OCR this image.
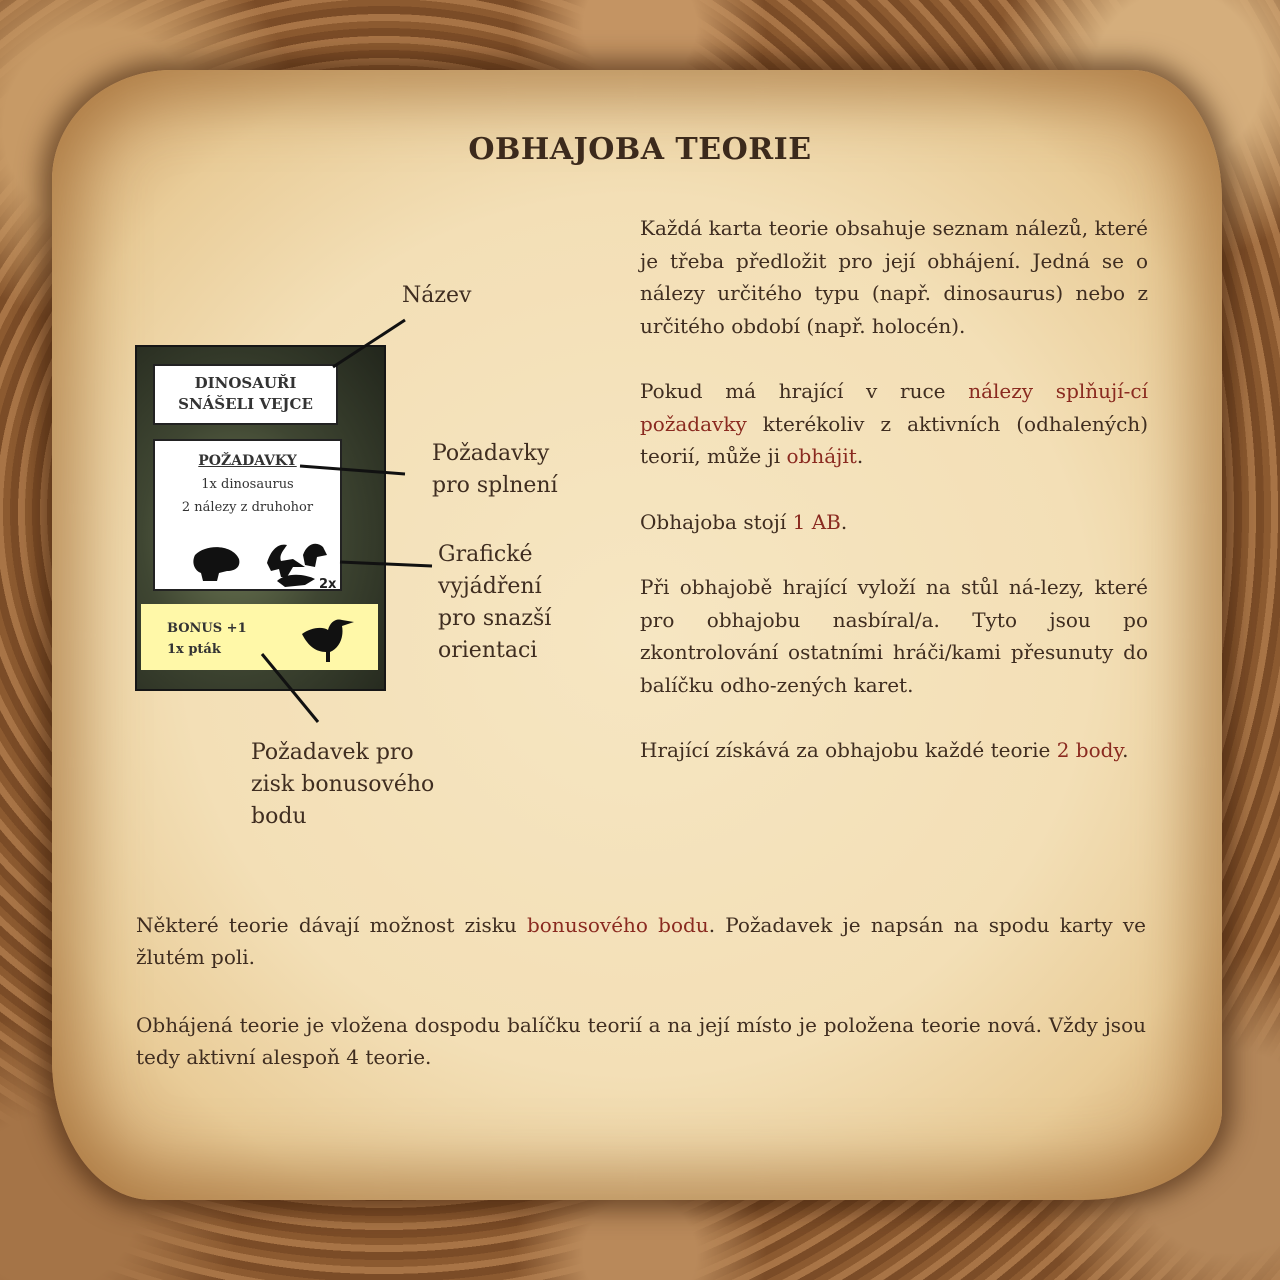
OBHAJOBA TEORIE
DINOSAUŘI
SNÁŠELI VEJCE
POŽADAVKY
1x dinosaurus
2 nálezy z druhohor
2x
BONUS +1
1x pták
Název
Požadavky
pro splnení
Grafické
vyjádření
pro snazší
orientaci
Požadavek pro
zisk bonusového
bodu

Každá karta teorie obsahuje seznam nálezů, které je třeba předložit pro její obhájení. Jedná se o nálezy určitého typu (např. dinosaurus) nebo z určitého období (např. holocén).

Pokud má hrající v ruce nálezy splňují-cí požadavky kterékoliv z aktivních (odhalených) teorií, může ji obhájit.

Obhajoba stojí 1 AB.

Při obhajobě hrající vyloží na stůl ná-lezy, které pro obhajobu nasbíral/a. Tyto jsou po zkontrolování ostatními hráči/kami přesunuty do balíčku odho-zených karet.

Hrající získává za obhajobu každé teorie 2 body.

Některé teorie dávají možnost zisku bonusového bodu. Požadavek je napsán na spodu karty ve žlutém poli.
Obhájená teorie je vložena dospodu balíčku teorií a na její místo je položena teorie nová. Vždy jsou tedy aktivní alespoň 4 teorie.
